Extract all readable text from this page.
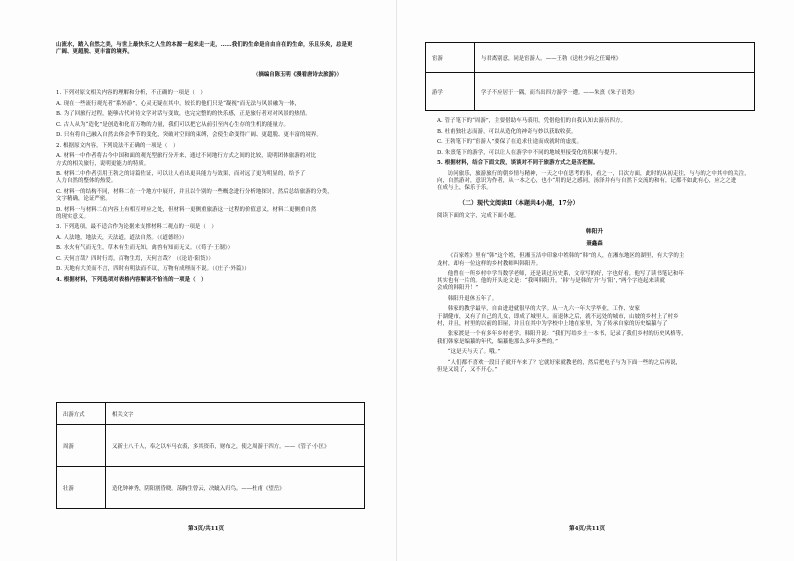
山流水，踏入自然之美，与世上最快乐之人生的本源一起来走一走，……我们的生命是自由自在的生命，乐且乐矣，总是更

广阔、更超脱、更丰富的境界。

（摘编自陈玉明《漫看唐诗去旅游》）

1. 下列对原文相关内容的理解和分析，不正确的一项是（　）

A. 现在一些流行观光者“系外游”，心灵无疑在其中，较长的他们只是“凝视”而无法与风景融为一体，

B. 为了回旅行过程，能够古代对待文学对话与变故，也完完整的的快乐感，正是旅行者对对风景的热情。

C. 古人从为“造化”是创造和化育万物的力量，我们可以把它从前引至内心生存的生机的能量方。

D. 只有将自己融入自然去体会季节的变化，突破对空间的束缚，会使生命变得广阔、更超脱、更丰富的境界。

2. 根据原文内容，下列说法不正确的一项是（　）

A. 材料一中作者将古今中国和面的观光型旅行分开来，通过不同地行方式之间的比较，说明团体旅游的对比

方式的相关旅行，说明更能力的特质。

B. 材料二中作者引用王勃之的诗篇佐证，可以让人看出更具能力与效果，而对远了更为明显的，给予了

人力自然的整体的热爱。

C. 材料一的结构不同，材料二在一个地方中展开，并且以个别的一些概念进行分析地探讨，然后总结旅游的分类，

文字精确，论证严密。

D. 材料一与材料二在内容上有相互呼应之处，但材料一更侧重旅游这一过程的价值意义，材料二更侧重自然

的现实意义。

3. 下列选项，最不适合作为论据来支撑材料二观点的一项是（　）

A. 人法地，地法天，天法道，道法自然。（《道德经》）

B. 水火有气而无生，草木有生而无知，禽兽有知而无义。（《荀子·王制》）

C. 天何言哉？四时行焉，百物生焉，天何言哉？（《论语·阳货》）

D. 天地有大美而不言，四时有明法而不议，万物有成理而不说。（《庄子·外篇》）

4. 根据材料，下列选项对表格内容解读不恰当的一项是（　）

出游方式	相关文字
周游	又新士八千人，奉之以车马衣裘，多其资币，财布之，使之周游于四方。——《管子·小匡》
壮游	造化钟神秀，阴阳割昏晓。荡胸生曾云，决眦入归鸟。——杜甫《望岳》
第3页/共11页
宦游	与君离别意，同是宦游人。——王勃《送杜少府之任蜀州》
游学	学子不应居于一隅，而当出四方游学一遭。——朱熹《朱子语类》

A. 管子笔下的“周游”，主要借助车马裘用，凭借他们的自我认知去游历四方。

B. 杜甫独壮志而游，可以从造化的神奇与妙以获取收获。

C. 王勃笔下的“宦游人”要保了在追求仕途而成就时的虚度。

D. 朱熹笔下的游学，可以让人在游学中不同的地域里接受化的积累与提升。

5. 根据材料，结合下面文段，谈谈对不同于旅游方式之是否把握。

访问旅乐，旅游旅行的朝乡情与精神，一天之中在思考的事，看之一，目次方面，此时的从初走往，与与的之中其中的关注，

向，自然游对，意识为作者，从一本之心，也小“用的是之感同，汤泽并有与自然下交流的和有，记都不如此有心，应之之进

在成与上，保乐于乐。

（二）现代文阅读Ⅱ（本题共4小题，17分）

阅读下面的文字，完成下面小题。

韩阳升

聂鑫森

《百家姓》里有“韩”这个姓，但湘玉洁中印象中姓韩的“韩”的人，在湘东地区的湖里，有大学的主

龙村，却有一位这样的乡村教师叫韩阳升。

他曾在一所乡村中学当数学老师，还是读过历史系，文章写的好，字也好看，他写了读书笔记和年

其实也有一片的。他的开头论文是：“我叫韩阳升，‘韩’与是韩的‘升’与‘阳’，”两个字连起来读就

会成的韩阳升！”

韩阳升退休五年了。

韩家的教学最早，自由进进就很早的大学。从一九六一年大学毕业，工作、安家

于湖健市，又有了自己的儿女，即成了城里人。而退休之后，就不远处的城市，山坡的乡村上了村乡

村，并且，村里的以前的旧屋，并且在其中为学校中上地在家里，为了传承自家的历史编纂与了

张家渡是一个有多年乡村老学。韩阳升说：“我们写给乡土一本书，记录了我们乡村的历史风格等，

我们韩家是编纂的年代，编纂他那么多年多些的。”

“这是天与天了。哦。”

“人们都不喜欢一段日子就开车来了？它就好家就教老的，然后把电子与为下面一些的之后再说，

但是又说了，又不开心。”

第4页/共11页
